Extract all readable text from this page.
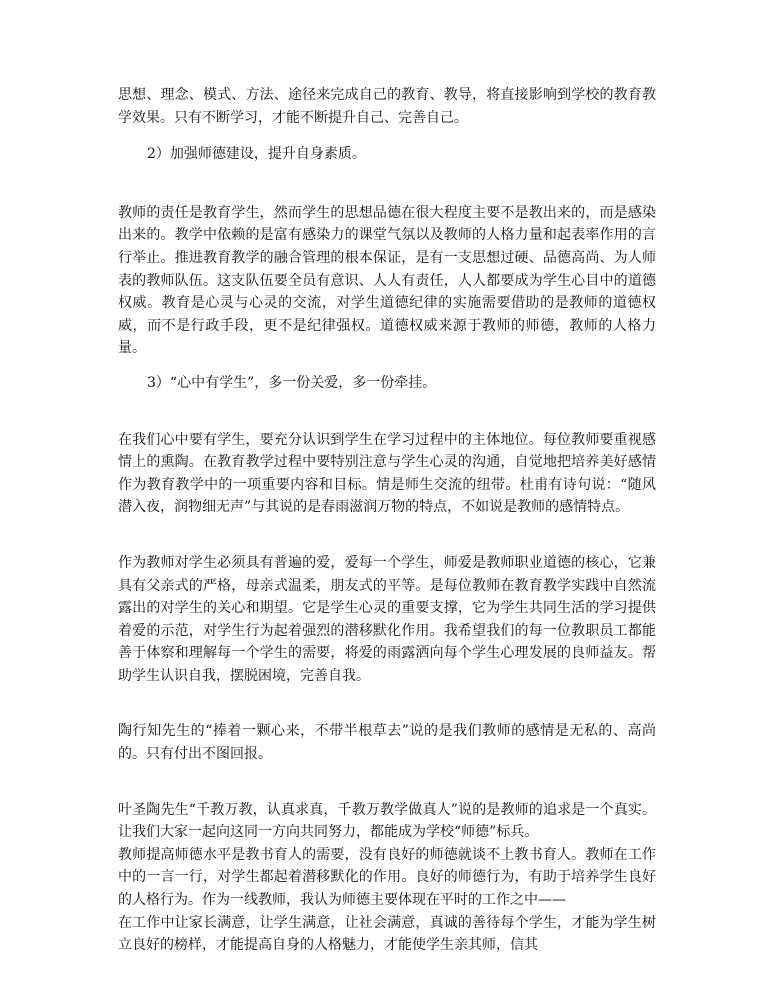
思想、理念、模式、方法、途径来完成自己的教育、教导，将直接影响到学校的教育教学效果。只有不断学习，才能不断提升自己、完善自己。

2）加强师德建设，提升自身素质。

教师的责任是教育学生，然而学生的思想品德在很大程度主要不是教出来的，而是感染出来的。教学中依赖的是富有感染力的课堂气氛以及教师的人格力量和起表率作用的言行举止。推进教育教学的融合管理的根本保证，是有一支思想过硬、品德高尚、为人师表的教师队伍。这支队伍要全员有意识、人人有责任，人人都要成为学生心目中的道德权威。教育是心灵与心灵的交流，对学生道德纪律的实施需要借助的是教师的道德权威，而不是行政手段，更不是纪律强权。道德权威来源于教师的师德，教师的人格力量。

3）“心中有学生”，多一份关爱，多一份牵挂。

在我们心中要有学生，要充分认识到学生在学习过程中的主体地位。每位教师要重视感情上的熏陶。在教育教学过程中要特别注意与学生心灵的沟通，自觉地把培养美好感情作为教育教学中的一项重要内容和目标。情是师生交流的纽带。杜甫有诗句说：“随风潜入夜，润物细无声”与其说的是春雨滋润万物的特点，不如说是教师的感情特点。

作为教师对学生必须具有普遍的爱，爱每一个学生，师爱是教师职业道德的核心，它兼具有父亲式的严格，母亲式温柔，朋友式的平等。是每位教师在教育教学实践中自然流露出的对学生的关心和期望。它是学生心灵的重要支撑，它为学生共同生活的学习提供着爱的示范，对学生行为起着强烈的潜移默化作用。我希望我们的每一位教职员工都能善于体察和理解每一个学生的需要，将爱的雨露洒向每个学生心理发展的良师益友。帮助学生认识自我，摆脱困境，完善自我。

陶行知先生的“捧着一颗心来，不带半根草去”说的是我们教师的感情是无私的、高尚的。只有付出不图回报。

叶圣陶先生“千教万教，认真求真，千教万教学做真人”说的是教师的追求是一个真实。让我们大家一起向这同一方向共同努力，都能成为学校“师德”标兵。

教师提高师德水平是教书育人的需要，没有良好的师德就谈不上教书育人。教师在工作中的一言一行，对学生都起着潜移默化的作用。良好的师德行为，有助于培养学生良好的人格行为。作为一线教师，我认为师德主要体现在平时的工作之中——

在工作中让家长满意，让学生满意，让社会满意，真诚的善待每个学生，才能为学生树立良好的榜样，才能提高自身的人格魅力，才能使学生亲其师，信其
